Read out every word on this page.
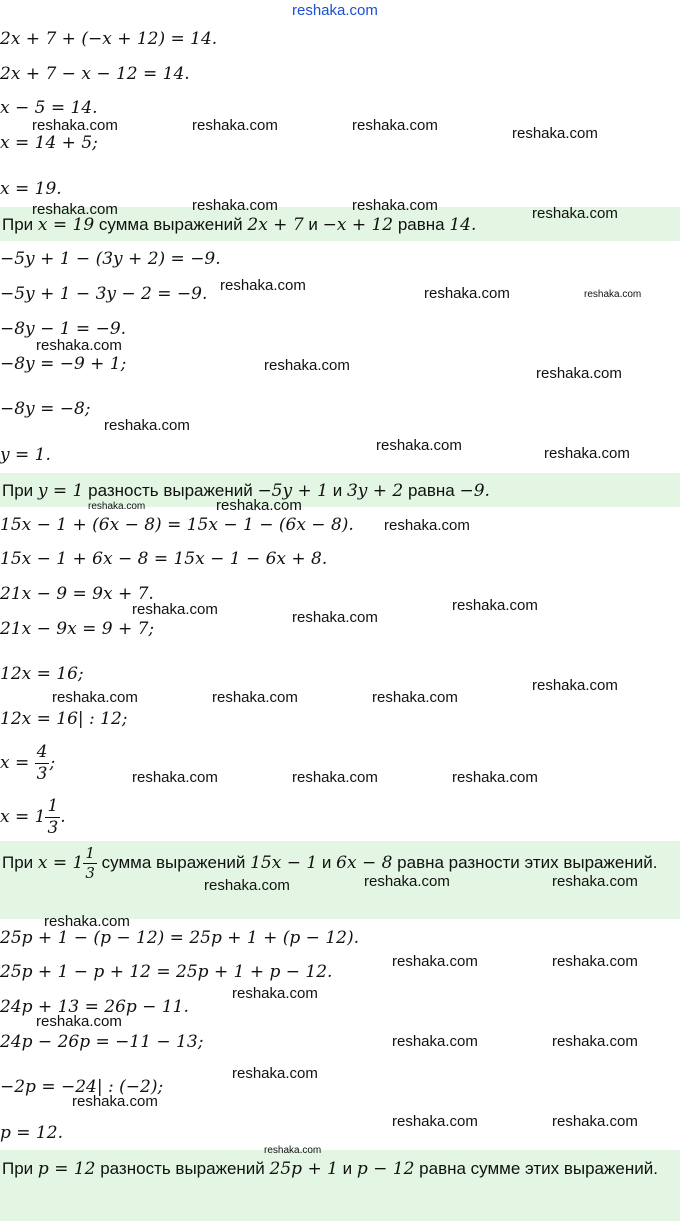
reshaka.com
2x + 7 + (−x + 12) = 14.
2x + 7 − x − 12 = 14.
x − 5 = 14.
x = 14 + 5;
x = 19.
При x = 19 сумма выражений 2x + 7 и −x + 12 равна 14.
−5y + 1 − (3y + 2) = −9.
−5y + 1 − 3y − 2 = −9.
−8y − 1 = −9.
−8y = −9 + 1;
−8y = −8;
y = 1.
При y = 1 разность выражений −5y + 1 и 3y + 2 равна −9.
15x − 1 + (6x − 8) = 15x − 1 − (6x − 8).
15x − 1 + 6x − 8 = 15x − 1 − 6x + 8.
21x − 9 = 9x + 7.
21x − 9x = 9 + 7;
12x = 16;
12x = 16| : 12;
$x = \frac{4}{3}$ ;
$x = 1 \frac{1}{3}$ .
При $x = 1 \frac{1}{3}$ сумма выражений 15x − 1 и 6x − 8 равна разности этих выражений.
25p + 1 − (p − 12) = 25p + 1 + (p − 12).
25p + 1 − p + 12 = 25p + 1 + p − 12.
24p + 13 = 26p − 11.
24p − 26p = −11 − 13;
−2p = −24| : (−2);
p = 12.
При p = 12 разность выражений 25p + 1 и p − 12 равна сумме этих выражений.
reshaka.com	reshaka.com	reshaka.com	reshaka.com
reshaka.com	reshaka.com	reshaka.com	reshaka.com
reshaka.com	reshaka.com	reshaka.com
reshaka.com
reshaka.com	reshaka.com
reshaka.com
reshaka.com	reshaka.com
reshaka.com	reshaka.com
reshaka.com
reshaka.com	reshaka.com
reshaka.com
reshaka.com
reshaka.com	reshaka.com	reshaka.com
reshaka.com	reshaka.com	reshaka.com
reshaka.com	reshaka.com	reshaka.com
reshaka.com
reshaka.com	reshaka.com
reshaka.com
reshaka.com
reshaka.com	reshaka.com
reshaka.com
reshaka.com
reshaka.com	reshaka.com
reshaka.com
